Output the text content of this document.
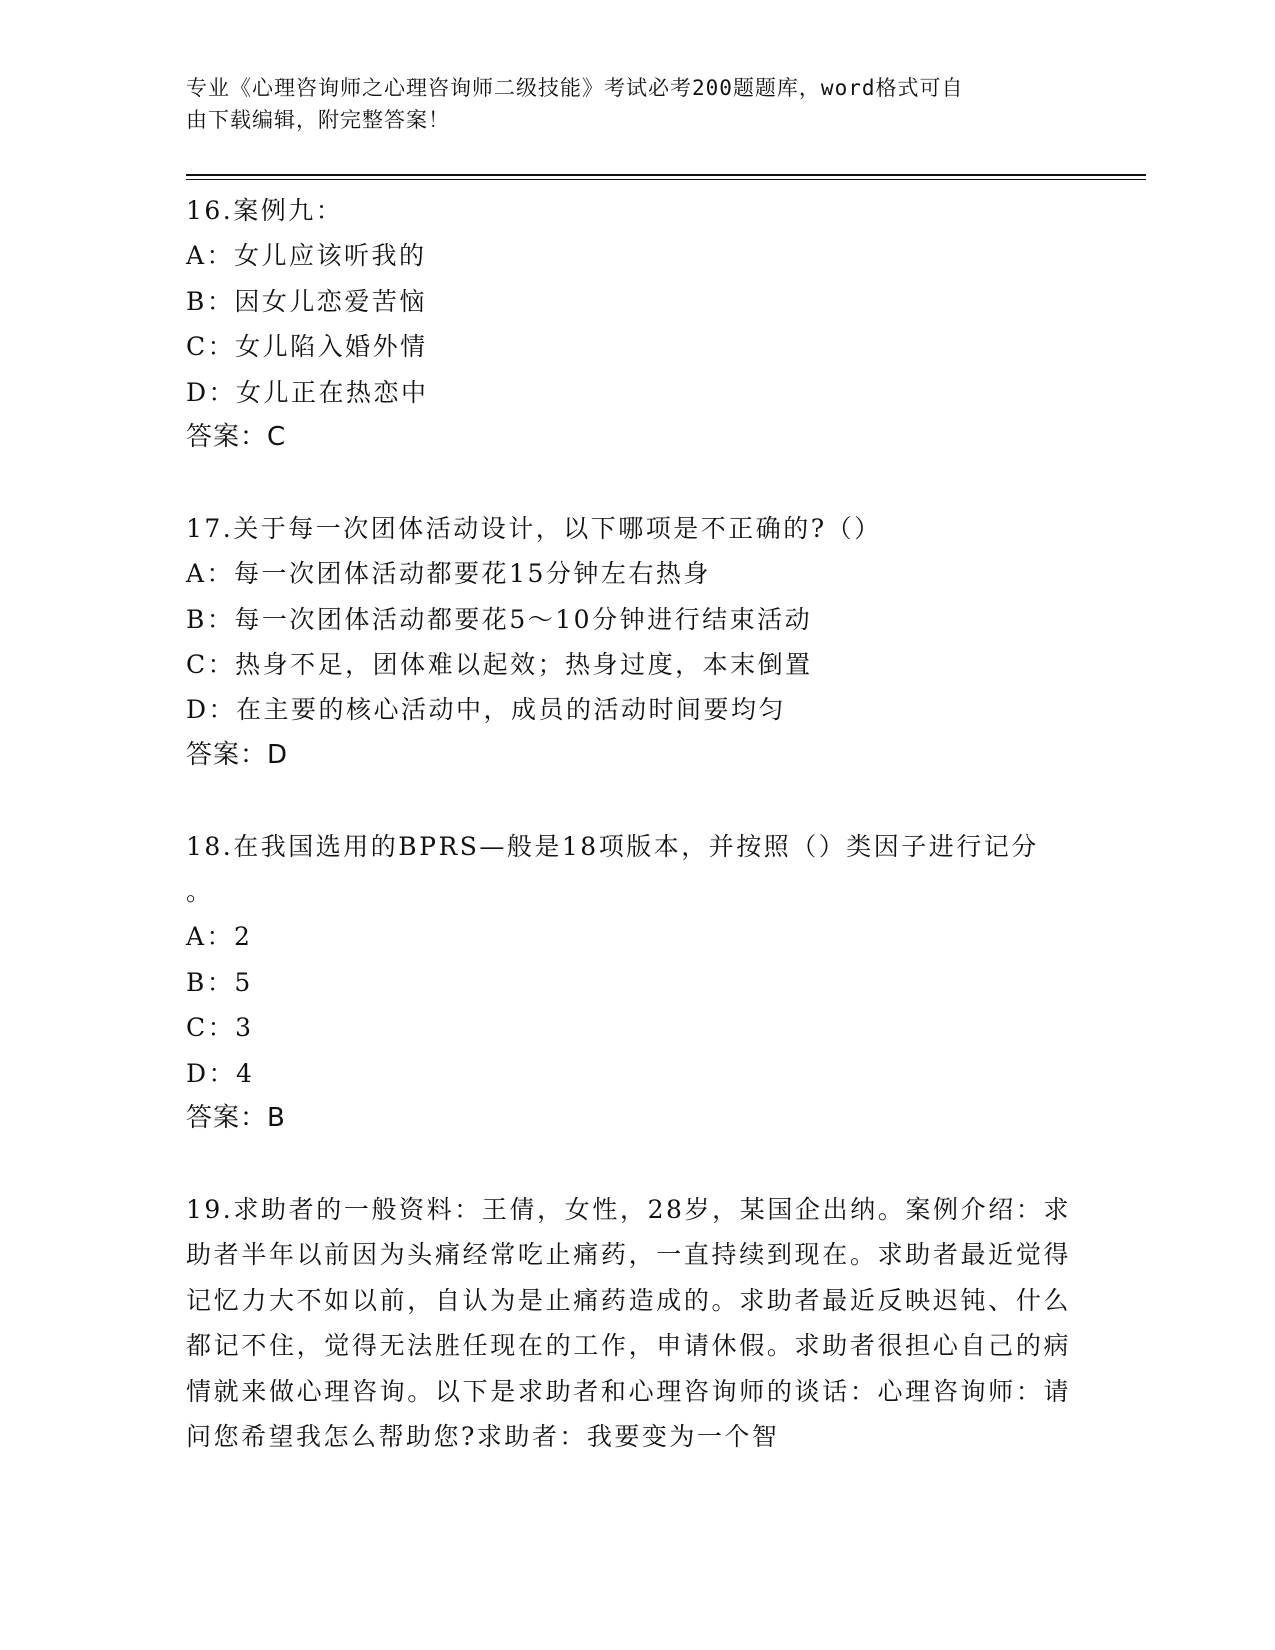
专业《心理咨询师之心理咨询师二级技能》考试必考200题题库，word格式可自
由下载编辑，附完整答案！

16.案例九：

A：女儿应该听我的

B：因女儿恋爱苦恼

C：女儿陷入婚外情

D：女儿正在热恋中

答案：C

17.关于每一次团体活动设计，以下哪项是不正确的?（）

A：每一次团体活动都要花15分钟左右热身

B：每一次团体活动都要花5～10分钟进行结束活动

C：热身不足，团体难以起效；热身过度，本末倒置

D：在主要的核心活动中，成员的活动时间要均匀

答案：D

18.在我国选用的BPRS—般是18项版本，并按照（）类因子进行记分

。

A：2

B：5

C：3

D：4

答案：B

19.求助者的一般资料：王倩，女性，28岁，某国企出纳。案例介绍：求助者半年以前因为头痛经常吃止痛药，一直持续到现在。求助者最近觉得记忆力大不如以前，自认为是止痛药造成的。求助者最近反映迟钝、什么都记不住，觉得无法胜任现在的工作，申请休假。求助者很担心自己的病情就来做心理咨询。以下是求助者和心理咨询师的谈话：心理咨询师：请问您希望我怎么帮助您?求助者：我要变为一个智
